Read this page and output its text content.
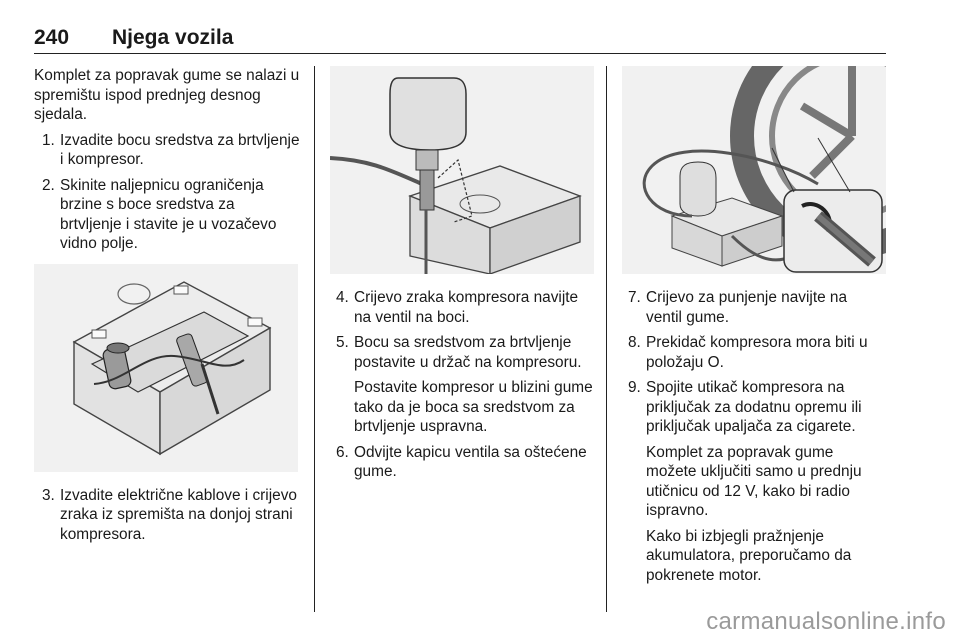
240 Njega vozila
Komplet za popravak gume se nalazi u spremištu ispod prednjeg desnog sjedala.
1. Izvadite bocu sredstva za brtvljenje i kompresor.
2. Skinite naljepnicu ograničenja brzine s boce sredstva za brtvljenje i stavite je u vozačevo vidno polje.
3. Izvadite električne kablove i crijevo zraka iz spremišta na donjoj strani kompresora.
4. Crijevo zraka kompresora navijte na ventil na boci.
5. Bocu sa sredstvom za brtvljenje postavite u držač na kompresoru.
Postavite kompresor u blizini gume tako da je boca sa sredstvom za brtvljenje uspravna.
6. Odvijte kapicu ventila sa oštećene gume.
7. Crijevo za punjenje navijte na ventil gume.
8. Prekidač kompresora mora biti u položaju O.
9. Spojite utikač kompresora na priključak za dodatnu opremu ili priključak upaljača za cigarete.
Komplet za popravak gume možete uključiti samo u prednju utičnicu od 12 V, kako bi radio ispravno.
Kako bi izbjegli pražnjenje akumulatora, preporučamo da pokrenete motor.
carmanualsonline.info
